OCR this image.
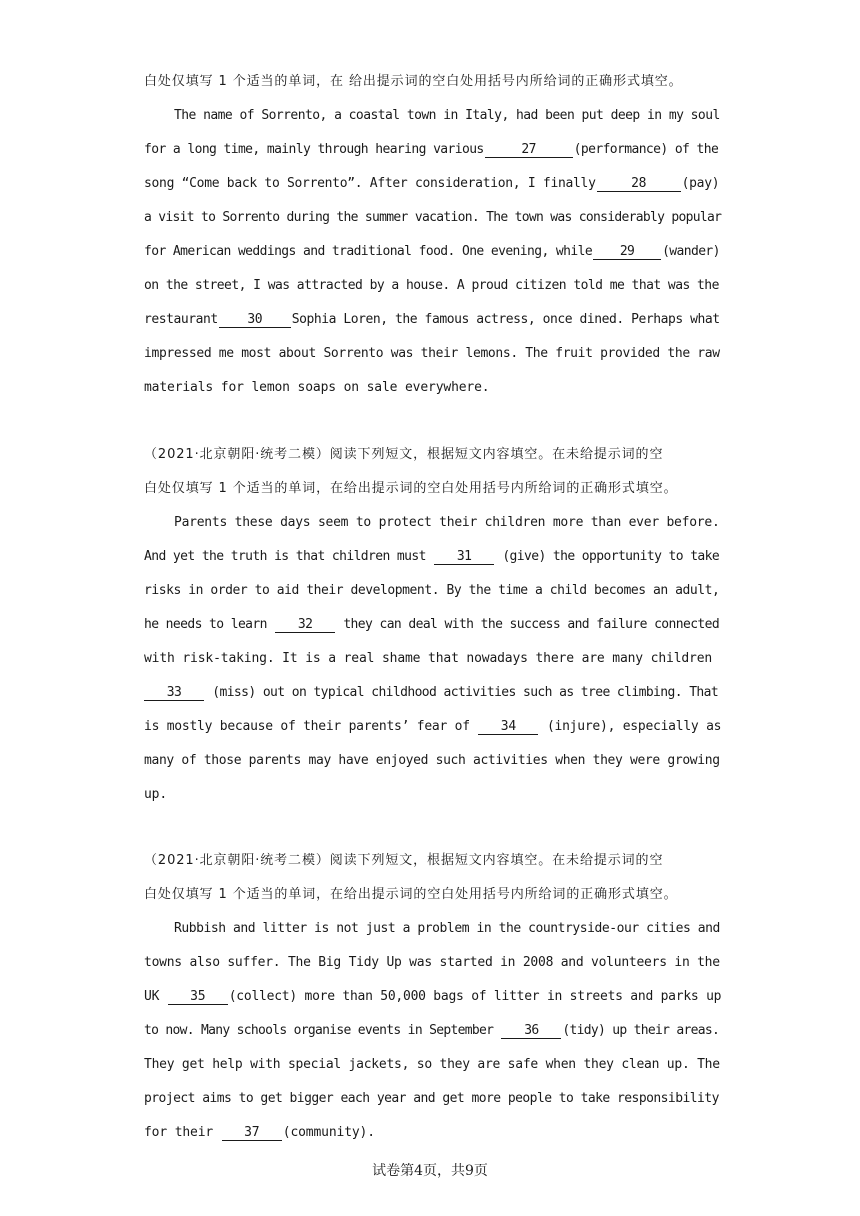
白处仅填写 1 个适当的单词，在 给出提示词的空白处用括号内所给词的正确形式填空。
The name of Sorrento, a coastal town in Italy, had been put deep in my soul
for a long time, mainly through hearing various	27	(performance) of the
song “Come back to Sorrento”. After consideration, I finally	28	(pay)
a visit to Sorrento during the summer vacation. The town was considerably popular
for American weddings and traditional food. One evening, while 29 (wander)
on the street, I was attracted by a house. A proud citizen told me that was the
restaurant 30 Sophia Loren, the famous actress, once dined. Perhaps what
impressed me most about Sorrento was their lemons. The fruit provided the raw
materials for lemon soaps on sale everywhere.
（2021·北京朝阳·统考二模）阅读下列短文，根据短文内容填空。在未给提示词的空
白处仅填写 1 个适当的单词，在给出提示词的空白处用括号内所给词的正确形式填空。
Parents these days seem to protect their children more than ever before.
And yet the truth is that children must 31 (give) the opportunity to take
risks in order to aid their development. By the time a child becomes an adult,
he needs to learn 32 they can deal with the success and failure connected
with risk-taking. It is a real shame that nowadays there are many children
33 (miss) out on typical childhood activities such as tree climbing. That
is mostly because of their parents’ fear of 34 (injure), especially as
many of those parents may have enjoyed such activities when they were growing
up.
（2021·北京朝阳·统考二模）阅读下列短文，根据短文内容填空。在未给提示词的空
白处仅填写 1 个适当的单词，在给出提示词的空白处用括号内所给词的正确形式填空。
Rubbish and litter is not just a problem in the countryside-our cities and
towns also suffer. The Big Tidy Up was started in 2008 and volunteers in the
UK 35 (collect) more than 50,000 bags of litter in streets and parks up
to now. Many schools organise events in September 36 (tidy) up their areas.
They get help with special jackets, so they are safe when they clean up. The
project aims to get bigger each year and get more people to take responsibility
for their 37 (community).
试卷第4页，共9页
